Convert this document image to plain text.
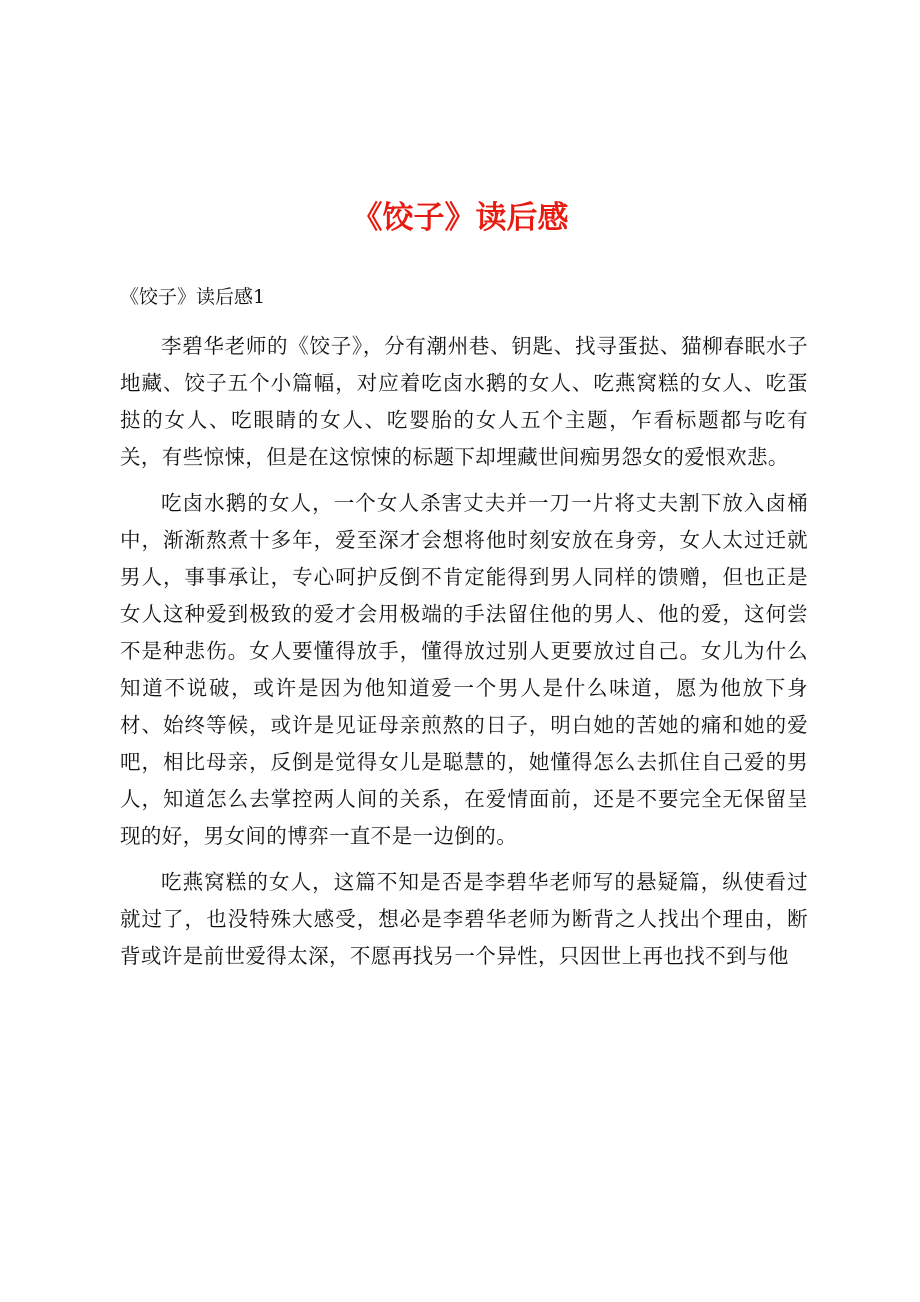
《饺子》读后感
《饺子》读后感1

李碧华老师的《饺子》，分有潮州巷、钥匙、找寻蛋挞、猫柳春眠水子地藏、饺子五个小篇幅，对应着吃卤水鹅的女人、吃燕窝糕的女人、吃蛋挞的女人、吃眼睛的女人、吃婴胎的女人五个主题，乍看标题都与吃有关，有些惊悚，但是在这惊悚的标题下却埋藏世间痴男怨女的爱恨欢悲。

吃卤水鹅的女人，一个女人杀害丈夫并一刀一片将丈夫割下放入卤桶中，渐渐熬煮十多年，爱至深才会想将他时刻安放在身旁，女人太过迁就男人，事事承让，专心呵护反倒不肯定能得到男人同样的馈赠，但也正是女人这种爱到极致的爱才会用极端的手法留住他的男人、他的爱，这何尝不是种悲伤。女人要懂得放手，懂得放过别人更要放过自己。女儿为什么知道不说破，或许是因为他知道爱一个男人是什么味道，愿为他放下身材、始终等候，或许是见证母亲煎熬的日子，明白她的苦她的痛和她的爱吧，相比母亲，反倒是觉得女儿是聪慧的，她懂得怎么去抓住自己爱的男人，知道怎么去掌控两人间的关系，在爱情面前，还是不要完全无保留呈现的好，男女间的博弈一直不是一边倒的。

吃燕窝糕的女人，这篇不知是否是李碧华老师写的悬疑篇，纵使看过就过了，也没特殊大感受，想必是李碧华老师为断背之人找出个理由，断背或许是前世爱得太深，不愿再找另一个异性，只因世上再也找不到与他
